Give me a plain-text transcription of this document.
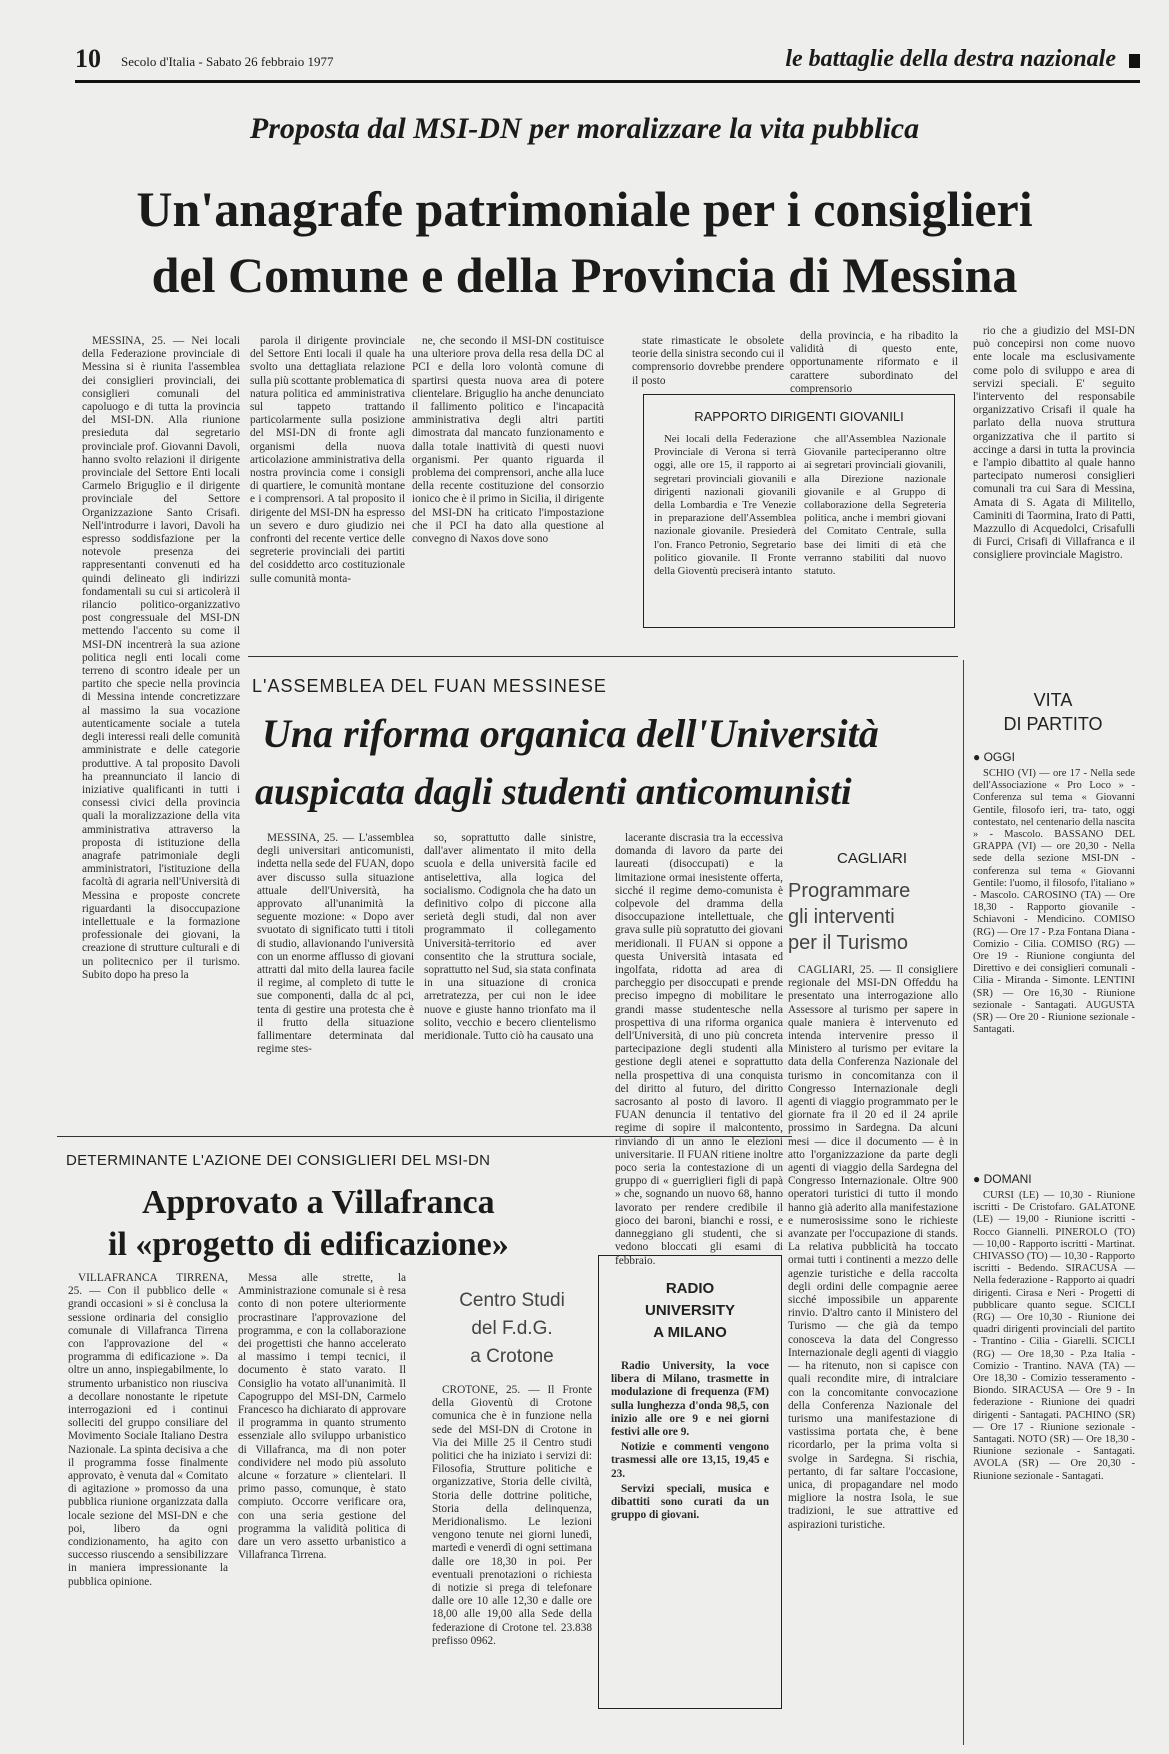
10 Secolo d'Italia - Sabato 26 febbraio 1977	le battaglie della destra nazionale
Proposta dal MSI-DN per moralizzare la vita pubblica
Un'anagrafe patrimoniale per i consiglieri
del Comune e della Provincia di Messina

MESSINA, 25. — Nei locali della Federazione provinciale di Messina si è riunita l'assemblea dei consiglieri provinciali, dei consiglieri comunali del capoluogo e di tutta la provincia del MSI-DN. Alla riunione presieduta dal segretario provinciale prof. Giovanni Davoli, hanno svolto relazioni il dirigente provinciale del Settore Enti locali Carmelo Briguglio e il dirigente provinciale del Settore Organizzazione Santo Crisafi. Nell'introdurre i lavori, Davoli ha espresso soddisfazione per la notevole presenza dei rappresentanti convenuti ed ha quindi delineato gli indirizzi fondamentali su cui si articolerà il rilancio politico-organizzativo post congressuale del MSI-DN mettendo l'accento su come il MSI-DN incentrerà la sua azione politica negli enti locali come terreno di scontro ideale per un partito che specie nella provincia di Messina intende concretizzare al massimo la sua vocazione autenticamente sociale a tutela degli interessi reali delle comunità amministrate e delle categorie produttive. A tal proposito Davoli ha preannunciato il lancio di iniziative qualificanti in tutti i consessi civici della provincia quali la moralizzazione della vita amministrativa attraverso la proposta di istituzione della anagrafe patrimoniale degli amministratori, l'istituzione della facoltà di agraria nell'Università di Messina e proposte concrete riguardanti la disoccupazione intellettuale e la formazione professionale dei giovani, la creazione di strutture culturali e di un politecnico per il turismo. Subito dopo ha preso la

parola il dirigente provinciale del Settore Enti locali il quale ha svolto una dettagliata relazione sulla più scottante problematica di natura politica ed amministrativa sul tappeto trattando particolarmente sulla posizione del MSI-DN di fronte agli organismi della nuova articolazione amministrativa della nostra provincia come i consigli di quartiere, le comunità montane e i comprensori. A tal proposito il dirigente del MSI-DN ha espresso un severo e duro giudizio nei confronti del recente vertice delle segreterie provinciali dei partiti del cosiddetto arco costituzionale sulle comunità monta-

ne, che secondo il MSI-DN costituisce una ulteriore prova della resa della DC al PCI e della loro volontà comune di spartirsi questa nuova area di potere clientelare. Briguglio ha anche denunciato il fallimento politico e l'incapacità amministrativa degli altri partiti dimostrata dal mancato funzionamento e dalla totale inattività di questi nuovi organismi. Per quanto riguarda il problema dei comprensori, anche alla luce della recente costituzione del consorzio ionico che è il primo in Sicilia, il dirigente del MSI-DN ha criticato l'impostazione che il PCI ha dato alla questione al convegno di Naxos dove sono

state rimasticate le obsolete teorie della sinistra secondo cui il comprensorio dovrebbe prendere il posto

della provincia, e ha ribadito la validità di questo ente, opportunamente riformato e il carattere subordinato del comprensorio

rio che a giudizio del MSI-DN può concepirsi non come nuovo ente locale ma esclusivamente come polo di sviluppo e area di servizi speciali. E' seguito l'intervento del responsabile organizzativo Crisafi il quale ha parlato della nuova struttura organizzativa che il partito si accinge a darsi in tutta la provincia e l'ampio dibattito al quale hanno partecipato numerosi consiglieri comunali tra cui Sara di Messina, Amata di S. Agata di Militello, Caminiti di Taormina, Irato di Patti, Mazzullo di Acquedolci, Crisafulli di Furci, Crisafi di Villafranca e il consigliere provinciale Magistro.

RAPPORTO DIRIGENTI GIOVANILI

Nei locali della Federazione Provinciale di Verona si terrà oggi, alle ore 15, il rapporto ai segretari provinciali giovanili e dirigenti nazionali giovanili della Lombardia e Tre Venezie in preparazione dell'Assemblea nazionale giovanile. Presiederà l'on. Franco Petronio, Segretario politico giovanile. Il Fronte della Gioventù preciserà intanto

che all'Assemblea Nazionale Giovanile parteciperanno oltre ai segretari provinciali giovanili, alla Direzione nazionale giovanile e al Gruppo di collaborazione della Segreteria politica, anche i membri giovani del Comitato Centrale, sulla base dei limiti di età che verranno stabiliti dal nuovo statuto.

L'ASSEMBLEA DEL FUAN MESSINESE
Una riforma organica dell'Università
auspicata dagli studenti anticomunisti

MESSINA, 25. — L'assemblea degli universitari anticomunisti, indetta nella sede del FUAN, dopo aver discusso sulla situazione attuale dell'Università, ha approvato all'unanimità la seguente mozione: « Dopo aver svuotato di significato tutti i titoli di studio, allavionando l'università con un enorme afflusso di giovani attratti dal mito della laurea facile il regime, al completo di tutte le sue componenti, dalla dc al pci, tenta di gestire una protesta che è il frutto della situazione fallimentare determinata dal regime stes-

so, soprattutto dalle sinistre, dall'aver alimentato il mito della scuola e della università facile ed antiselettiva, alla logica del socialismo. Codignola che ha dato un definitivo colpo di piccone alla serietà degli studi, dal non aver programmato il collegamento Università-territorio ed aver consentito che la struttura sociale, soprattutto nel Sud, sia stata confinata in una situazione di cronica arretratezza, per cui non le idee nuove e giuste hanno trionfato ma il solito, vecchio e becero clientelismo meridionale. Tutto ciò ha causato una

lacerante discrasia tra la eccessiva domanda di lavoro da parte dei laureati (disoccupati) e la limitazione ormai inesistente offerta, sicché il regime demo-comunista è colpevole del dramma della disoccupazione intellettuale, che grava sulle più sopratutto dei giovani meridionali. Il FUAN si oppone a questa Università intasata ed ingolfata, ridotta ad area di parcheggio per disoccupati e prende preciso impegno di mobilitare le grandi masse studentesche nella prospettiva di una riforma organica dell'Università, di uno più concreta partecipazione degli studenti alla gestione degli atenei e soprattutto nella prospettiva di una conquista del diritto al futuro, del diritto sacrosanto al posto di lavoro. Il FUAN denuncia il tentativo del regime di sopire il malcontento, rinviando di un anno le elezioni universitarie. Il FUAN ritiene inoltre poco seria la contestazione di un gruppo di « guerriglieri figli di papà » che, sognando un nuovo 68, hanno lavorato per rendere credibile il gioco dei baroni, bianchi e rossi, e danneggiano gli studenti, che si vedono bloccati gli esami di febbraio.

CAGLIARI
Programmare
gli interventi
per il Turismo

CAGLIARI, 25. — Il consigliere regionale del MSI-DN Offeddu ha presentato una interrogazione allo Assessore al turismo per sapere in quale maniera è intervenuto ed intenda intervenire presso il Ministero al turismo per evitare la data della Conferenza Nazionale del turismo in concomitanza con il Congresso Internazionale degli agenti di viaggio programmato per le giornate fra il 20 ed il 24 aprile prossimo in Sardegna. Da alcuni mesi — dice il documento — è in atto l'organizzazione da parte degli agenti di viaggio della Sardegna del Congresso Internazionale. Oltre 900 operatori turistici di tutto il mondo hanno già aderito alla manifestazione e numerosissime sono le richieste avanzate per l'occupazione di stands. La relativa pubblicità ha toccato ormai tutti i continenti a mezzo delle agenzie turistiche e della raccolta degli ordini delle compagnie aeree sicché impossibile un apparente rinvio. D'altro canto il Ministero del Turismo — che già da tempo conosceva la data del Congresso Internazionale degli agenti di viaggio — ha ritenuto, non si capisce con quali recondite mire, di intralciare con la concomitante convocazione della Conferenza Nazionale del turismo una manifestazione di vastissima portata che, è bene ricordarlo, per la prima volta si svolge in Sardegna. Si rischia, pertanto, di far saltare l'occasione, unica, di propagandare nel modo migliore la nostra Isola, le sue tradizioni, le sue attrattive ed aspirazioni turistiche.

VITA
DI PARTITO
● OGGI

SCHIO (VI) — ore 17 - Nella sede dell'Associazione « Pro Loco » - Conferenza sul tema « Giovanni Gentile, filosofo ieri, tra- tato, oggi contestato, nel centenario della nascita » - Mascolo. BASSANO DEL GRAPPA (VI) — ore 20,30 - Nella sede della sezione MSI-DN - conferenza sul tema « Giovanni Gentile: l'uomo, il filosofo, l'italiano » - Mascolo. CAROSINO (TA) — Ore 18,30 - Rapporto giovanile - Schiavoni - Mendicino. COMISO (RG) — Ore 17 - P.za Fontana Diana - Comizio - Cilia. COMISO (RG) — Ore 19 - Riunione congiunta del Direttivo e dei consiglieri comunali - Cilia - Miranda - Simonte. LENTINI (SR) — Ore 16,30 - Riunione sezionale - Santagati. AUGUSTA (SR) — Ore 20 - Riunione sezionale - Santagati.

● DOMANI

CURSI (LE) — 10,30 - Riunione iscritti - De Cristofaro. GALATONE (LE) — 19,00 - Riunione iscritti - Rocco Giannelli. PINEROLO (TO) — 10,00 - Rapporto iscritti - Martinat. CHIVASSO (TO) — 10,30 - Rapporto iscritti - Bedendo. SIRACUSA — Nella federazione - Rapporto ai quadri dirigenti. Cirasa e Neri - Progetti di pubblicare quanto segue. SCICLI (RG) — Ore 10,30 - Riunione dei quadri dirigenti provinciali del partito - Trantino - Cilia - Giarelli. SCICLI (RG) — Ore 18,30 - P.za Italia - Comizio - Trantino. NAVA (TA) — Ore 18,30 - Comizio tesseramento - Biondo. SIRACUSA — Ore 9 - In federazione - Riunione dei quadri dirigenti - Santagati. PACHINO (SR) — Ore 17 - Riunione sezionale - Santagati. NOTO (SR) — Ore 18,30 - Riunione sezionale - Santagati. AVOLA (SR) — Ore 20,30 - Riunione sezionale - Santagati.

DETERMINANTE L'AZIONE DEI CONSIGLIERI DEL MSI-DN
Approvato a Villafranca
il «progetto di edificazione»

VILLAFRANCA TIRRENA, 25. — Con il pubblico delle « grandi occasioni » si è conclusa la sessione ordinaria del consiglio comunale di Villafranca Tirrena con l'approvazione del « programma di edificazione ». Da oltre un anno, inspiegabilmente, lo strumento urbanistico non riusciva a decollare nonostante le ripetute interrogazioni ed i continui solleciti del gruppo consiliare del Movimento Sociale Italiano Destra Nazionale. La spinta decisiva a che il programma fosse finalmente approvato, è venuta dal « Comitato di agitazione » promosso da una pubblica riunione organizzata dalla locale sezione del MSI-DN e che poi, libero da ogni condizionamento, ha agito con successo riuscendo a sensibilizzare in maniera impressionante la pubblica opinione.

Messa alle strette, la Amministrazione comunale si è resa conto di non potere ulteriormente procrastinare l'approvazione del programma, e con la collaborazione dei progettisti che hanno accelerato al massimo i tempi tecnici, il documento è stato varato. Il Consiglio ha votato all'unanimità. Il Capogruppo del MSI-DN, Carmelo Francesco ha dichiarato di approvare il programma in quanto strumento essenziale allo sviluppo urbanistico di Villafranca, ma di non poter condividere nel modo più assoluto alcune « forzature » clientelari. Il primo passo, comunque, è stato compiuto. Occorre verificare ora, con una seria gestione del programma la validità politica di dare un vero assetto urbanistico a Villafranca Tirrena.

Centro Studi
del F.d.G.
a Crotone

CROTONE, 25. — Il Fronte della Gioventù di Crotone comunica che è in funzione nella sede del MSI-DN di Crotone in Via dei Mille 25 il Centro studi politici che ha iniziato i servizi di: Filosofia, Strutture politiche e organizzative, Storia delle civiltà, Storia delle dottrine politiche, Storia della delinquenza, Meridionalismo. Le lezioni vengono tenute nei giorni lunedì, martedì e venerdì di ogni settimana dalle ore 18,30 in poi. Per eventuali prenotazioni o richiesta di notizie si prega di telefonare dalle ore 10 alle 12,30 e dalle ore 18,00 alle 19,00 alla Sede della federazione di Crotone tel. 23.838 prefisso 0962.

RADIO
UNIVERSITY
A MILANO

Radio University, la voce libera di Milano, trasmette in modulazione di frequenza (FM) sulla lunghezza d'onda 98,5, con inizio alle ore 9 e nei giorni festivi alle ore 9.

Notizie e commenti vengono trasmessi alle ore 13,15, 19,45 e 23.

Servizi speciali, musica e dibattiti sono curati da un gruppo di giovani.
